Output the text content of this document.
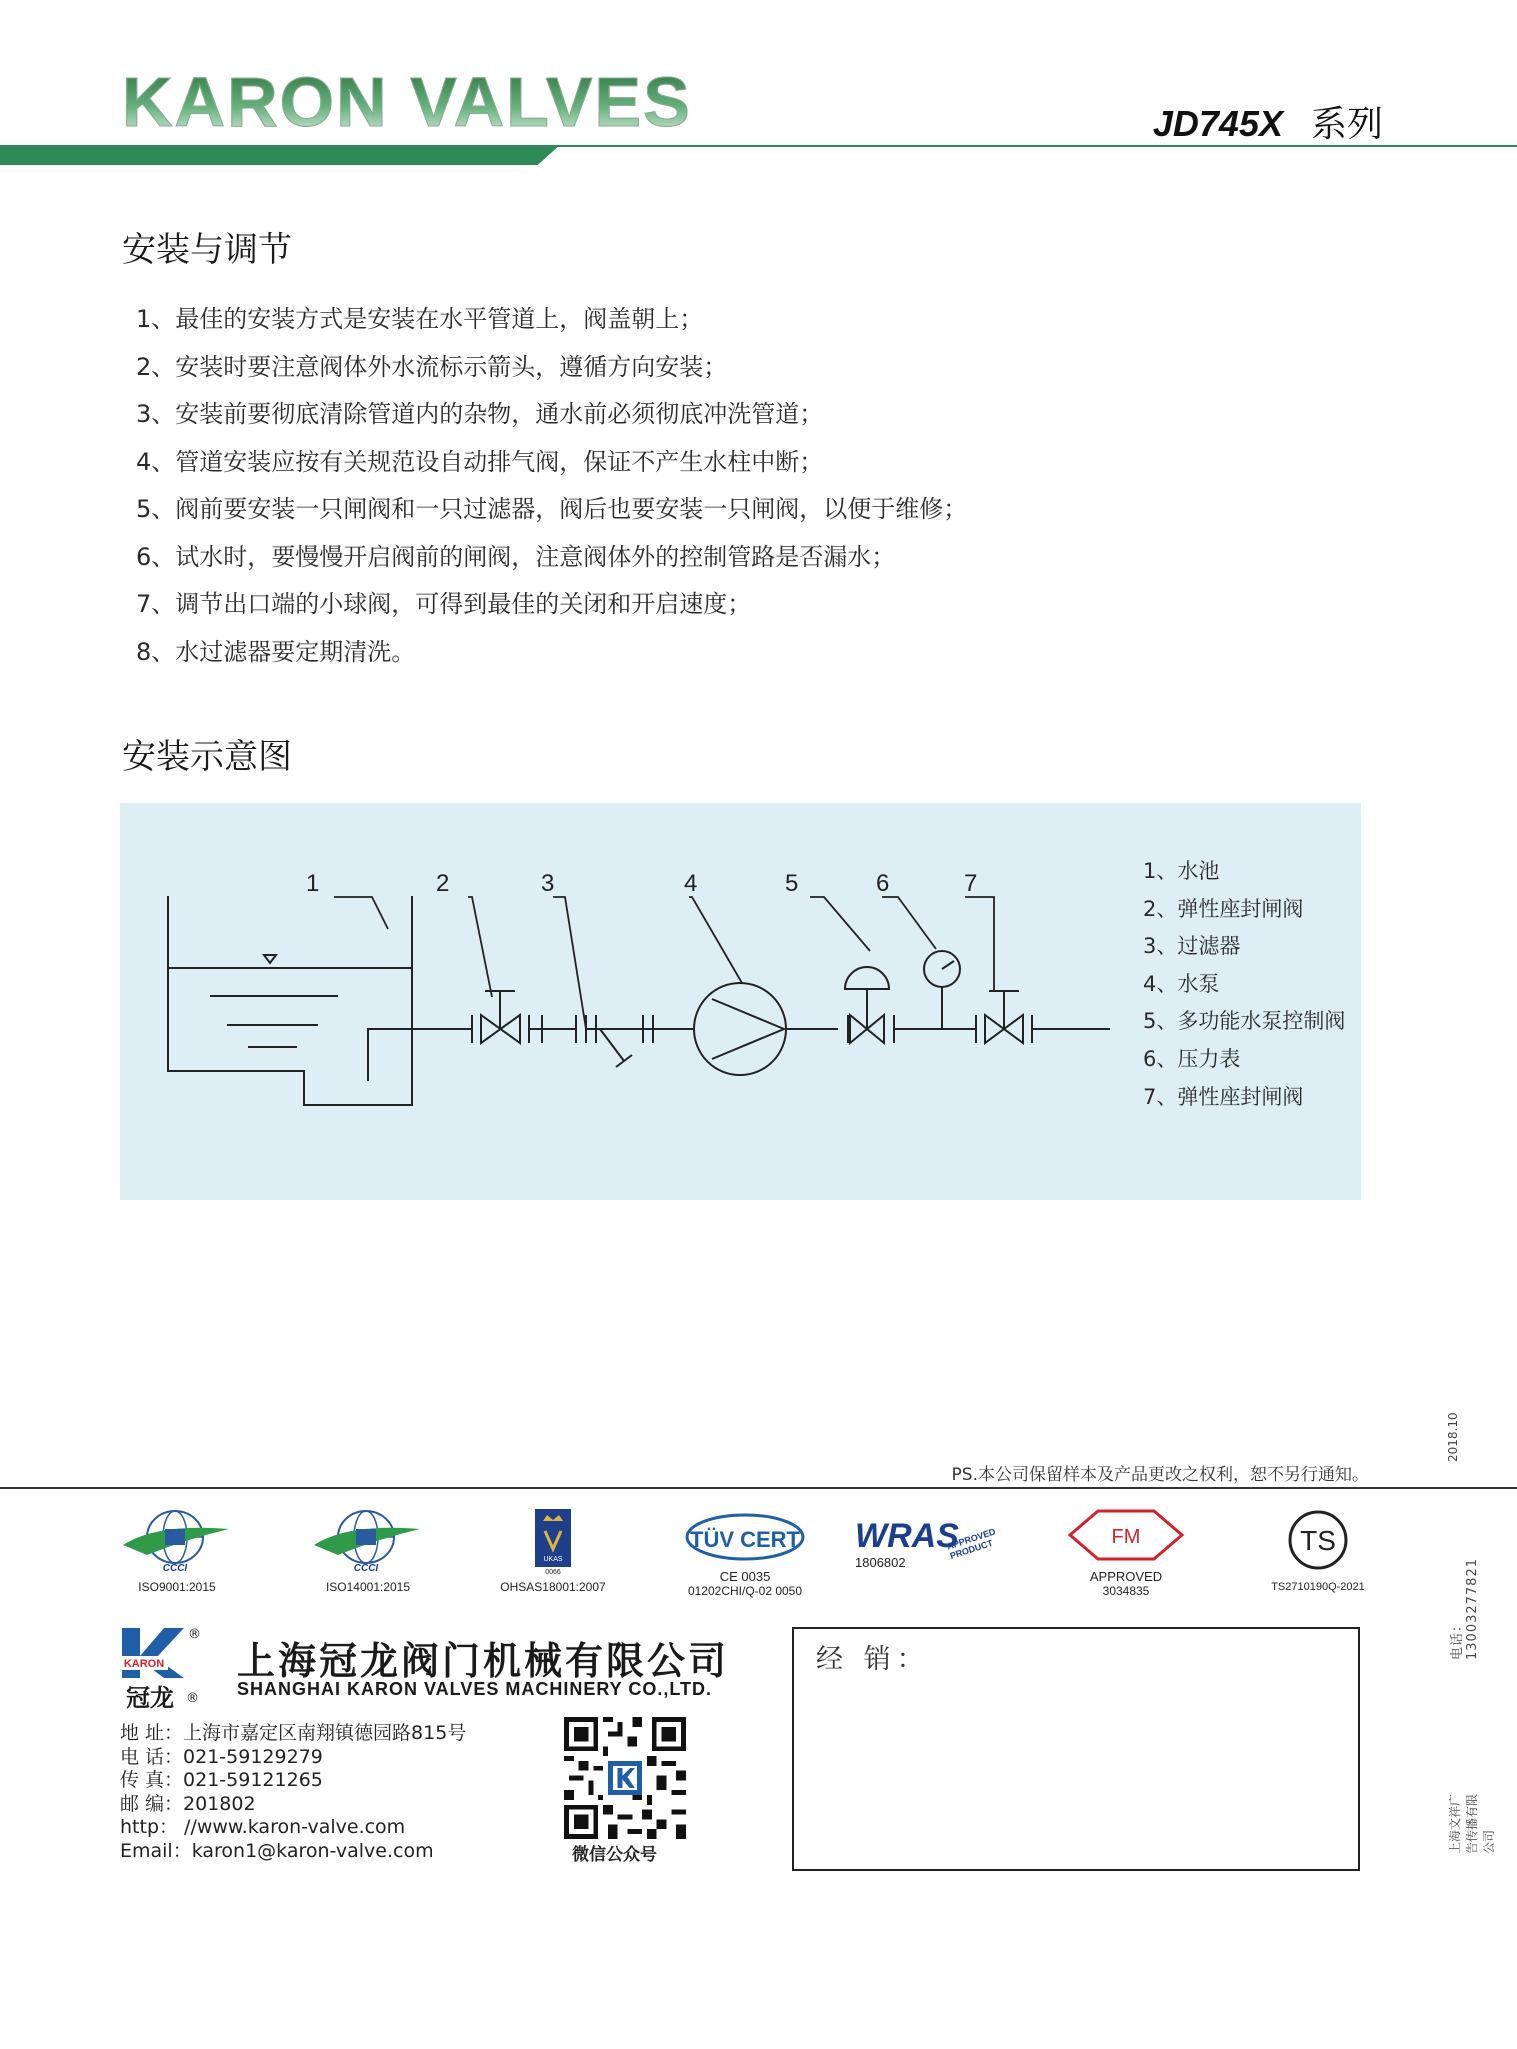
KARON VALVES	JD745X 系列
安装与调节
1、最佳的安装方式是安装在水平管道上，阀盖朝上；
2、安装时要注意阀体外水流标示箭头，遵循方向安装；
3、安装前要彻底清除管道内的杂物，通水前必须彻底冲洗管道；
4、管道安装应按有关规范设自动排气阀，保证不产生水柱中断；
5、阀前要安装一只闸阀和一只过滤器，阀后也要安装一只闸阀，以便于维修；
6、试水时，要慢慢开启阀前的闸阀，注意阀体外的控制管路是否漏水；
7、调节出口端的小球阀，可得到最佳的关闭和开启速度；
8、水过滤器要定期清洗。
安装示意图
1	2	3	4	5	6	7	1、水池
2、弹性座封闸阀
3、过滤器
4、水泵
5、多功能水泵控制阀
6、压力表
7、弹性座封闸阀
PS.本公司保留样本及产品更改之权利，恕不另行通知。
2018.10
电话：13003277821
上海文祥广告传播有限公司
CCCI
ISO9001:2015
CCCI
ISO14001:2015
UKAS
0066
OHSAS18001:2007
TÜV CERT
CE 0035
01202CHI/Q-02 0050
WRAS
1806802
APPROVED PRODUCT
FM
APPROVED
3034835
TS
TS2710190Q-2021
KARON
®
冠龙 ®
上海冠龙阀门机械有限公司
SHANGHAI KARON VALVES MACHINERY CO.,LTD.
地 址：上海市嘉定区南翔镇德园路815号
电 话：021-59129279
传 真：021-59121265
邮 编：201802
http： //www.karon-valve.com
Email：karon1@karon-valve.com	微信公众号
经 销：
